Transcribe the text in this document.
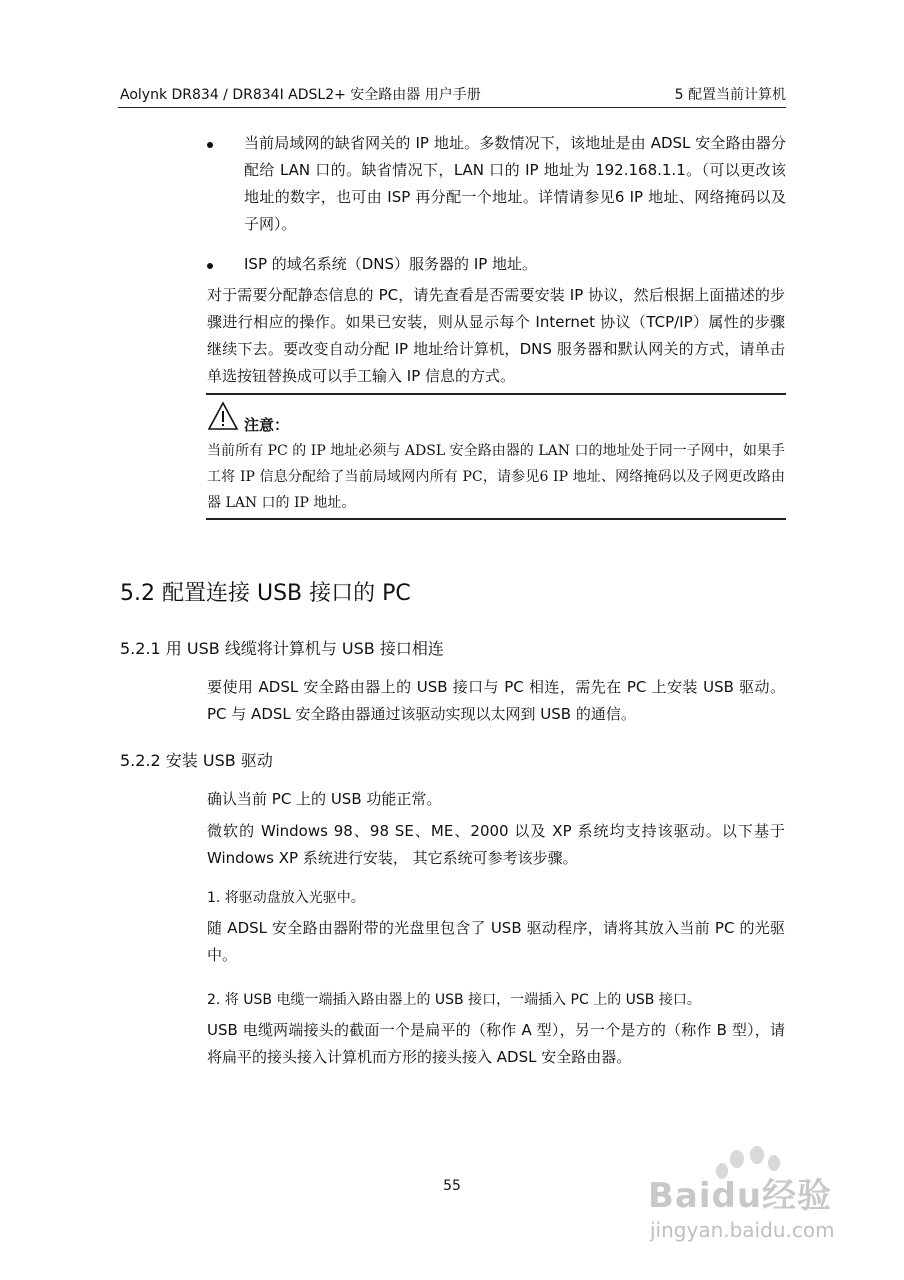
Aolynk DR834 / DR834I ADSL2+ 安全路由器 用户手册	5 配置当前计算机
当前局域网的缺省网关的 IP 地址。多数情况下，该地址是由 ADSL 安全路由器分配给 LAN 口的。缺省情况下，LAN 口的 IP 地址为 192.168.1.1。（可以更改该地址的数字，也可由 ISP 再分配一个地址。详情请参见6 IP 地址、网络掩码以及子网）。
ISP 的域名系统（DNS）服务器的 IP 地址。
对于需要分配静态信息的 PC，请先查看是否需要安装 IP 协议，然后根据上面描述的步骤进行相应的操作。如果已安装，则从显示每个 Internet 协议（TCP/IP）属性的步骤继续下去。要改变自动分配 IP 地址给计算机，DNS 服务器和默认网关的方式，请单击单选按钮替换成可以手工输入 IP 信息的方式。
注意：
当前所有 PC 的 IP 地址必须与 ADSL 安全路由器的 LAN 口的地址处于同一子网中，如果手工将 IP 信息分配给了当前局域网内所有 PC，请参见6 IP 地址、网络掩码以及子网更改路由器 LAN 口的 IP 地址。
5.2 配置连接 USB 接口的 PC
5.2.1 用 USB 线缆将计算机与 USB 接口相连
要使用 ADSL 安全路由器上的 USB 接口与 PC 相连，需先在 PC 上安装 USB 驱动。PC 与 ADSL 安全路由器通过该驱动实现以太网到 USB 的通信。
5.2.2 安装 USB 驱动
确认当前 PC 上的 USB 功能正常。
微软的 Windows 98、98 SE、ME、2000 以及 XP 系统均支持该驱动。以下基于 Windows XP 系统进行安装， 其它系统可参考该步骤。
1. 将驱动盘放入光驱中。
随 ADSL 安全路由器附带的光盘里包含了 USB 驱动程序，请将其放入当前 PC 的光驱中。
2. 将 USB 电缆一端插入路由器上的 USB 接口，一端插入 PC 上的 USB 接口。
USB 电缆两端接头的截面一个是扁平的（称作 A 型），另一个是方的（称作 B 型），请将扁平的接头接入计算机而方形的接头接入 ADSL 安全路由器。
55	Baidu经验
jingyan.baidu.com
